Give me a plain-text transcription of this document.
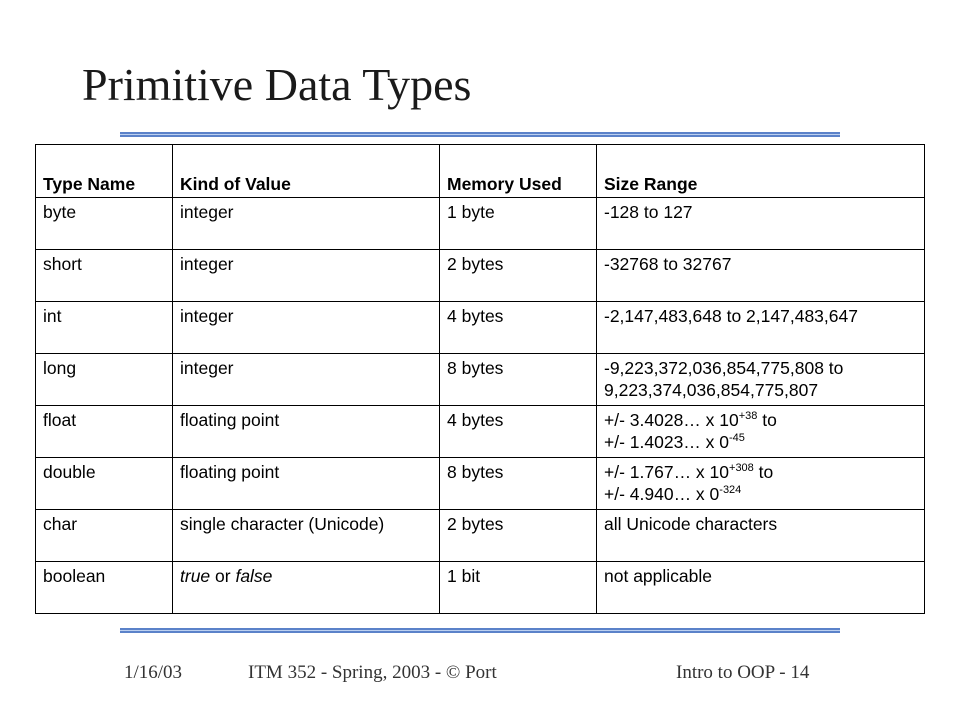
Primitive Data Types
Type Name	Kind of Value	Memory Used	Size Range
byte	integer	1 byte	-128 to 127
short	integer	2 bytes	-32768 to 32767
int	integer	4 bytes	-2,147,483,648 to 2,147,483,647
long	integer	8 bytes	-9,223,372,036,854,775,808 to
9,223,374,036,854,775,807

float	floating point	4 bytes	+/- 3.4028… x $10^{+38}$ to
+/- 1.4023… x $0^{-45}$

double	floating point	8 bytes	+/- 1.767… x $10^{+308}$ to
+/- 4.940… x $0^{-324}$

char	single character (Unicode)	2 bytes	all Unicode characters
boolean	true or false	1 bit	not applicable
1/16/03	ITM 352 - Spring, 2003 - © Port	Intro to OOP - 14
